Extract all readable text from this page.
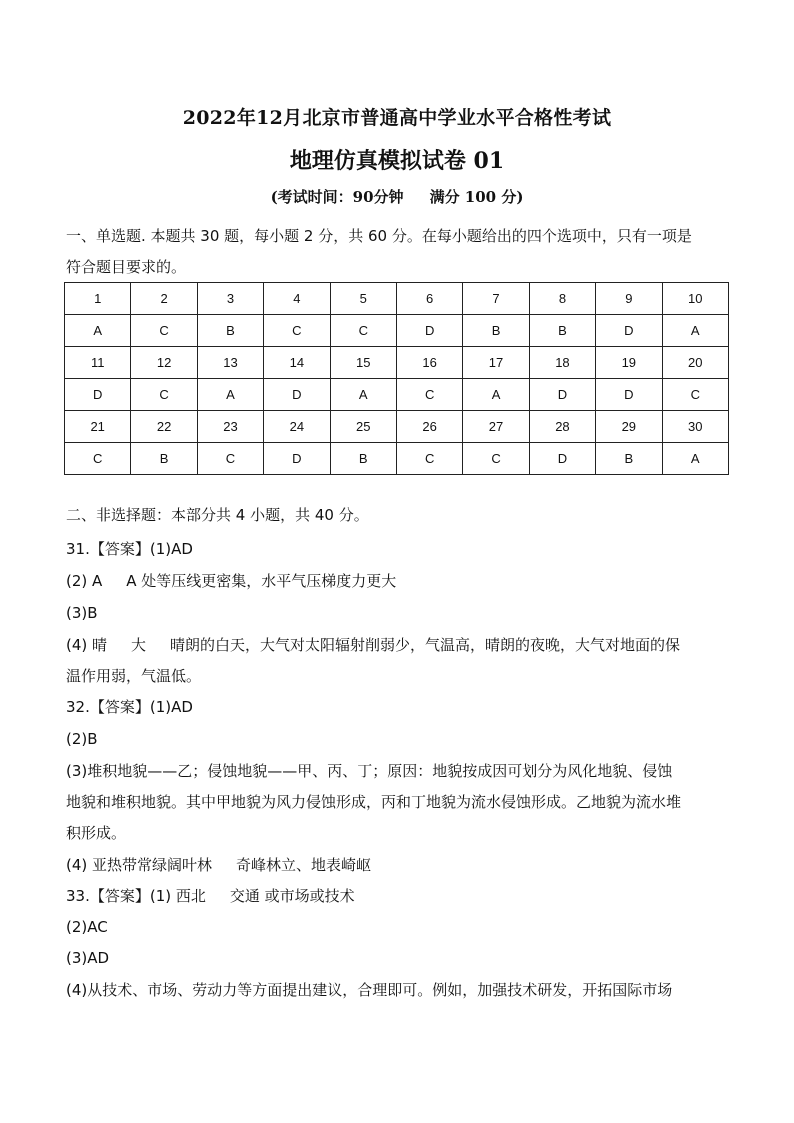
2022年12月北京市普通高中学业水平合格性考试
地理仿真模拟试卷 01
(考试时间：90分钟 满分 100 分)
一、单选题. 本题共 30 题，每小题 2 分，共 60 分。在每小题给出的四个选项中，只有一项是
符合题目要求的。
1	2	3	4	5	6	7	8	9	10
A	C	B	C	C	D	B	B	D	A
11	12	13	14	15	16	17	18	19	20
D	C	A	D	A	C	A	D	D	C
21	22	23	24	25	26	27	28	29	30
C	B	C	D	B	C	C	D	B	A
二、非选择题：本部分共 4 小题，共 40 分。
31.【答案】(1)AD
(2) A A 处等压线更密集，水平气压梯度力更大
(3)B
(4) 晴 大 晴朗的白天，大气对太阳辐射削弱少，气温高，晴朗的夜晚，大气对地面的保
温作用弱，气温低。
32.【答案】(1)AD
(2)B
(3)堆积地貌——乙；侵蚀地貌——甲、丙、丁；原因：地貌按成因可划分为风化地貌、侵蚀
地貌和堆积地貌。其中甲地貌为风力侵蚀形成，丙和丁地貌为流水侵蚀形成。乙地貌为流水堆
积形成。
(4) 亚热带常绿阔叶林 奇峰林立、地表崎岖
33.【答案】(1) 西北 交通 或市场或技术
(2)AC
(3)AD
(4)从技术、市场、劳动力等方面提出建议，合理即可。例如，加强技术研发，开拓国际市场
